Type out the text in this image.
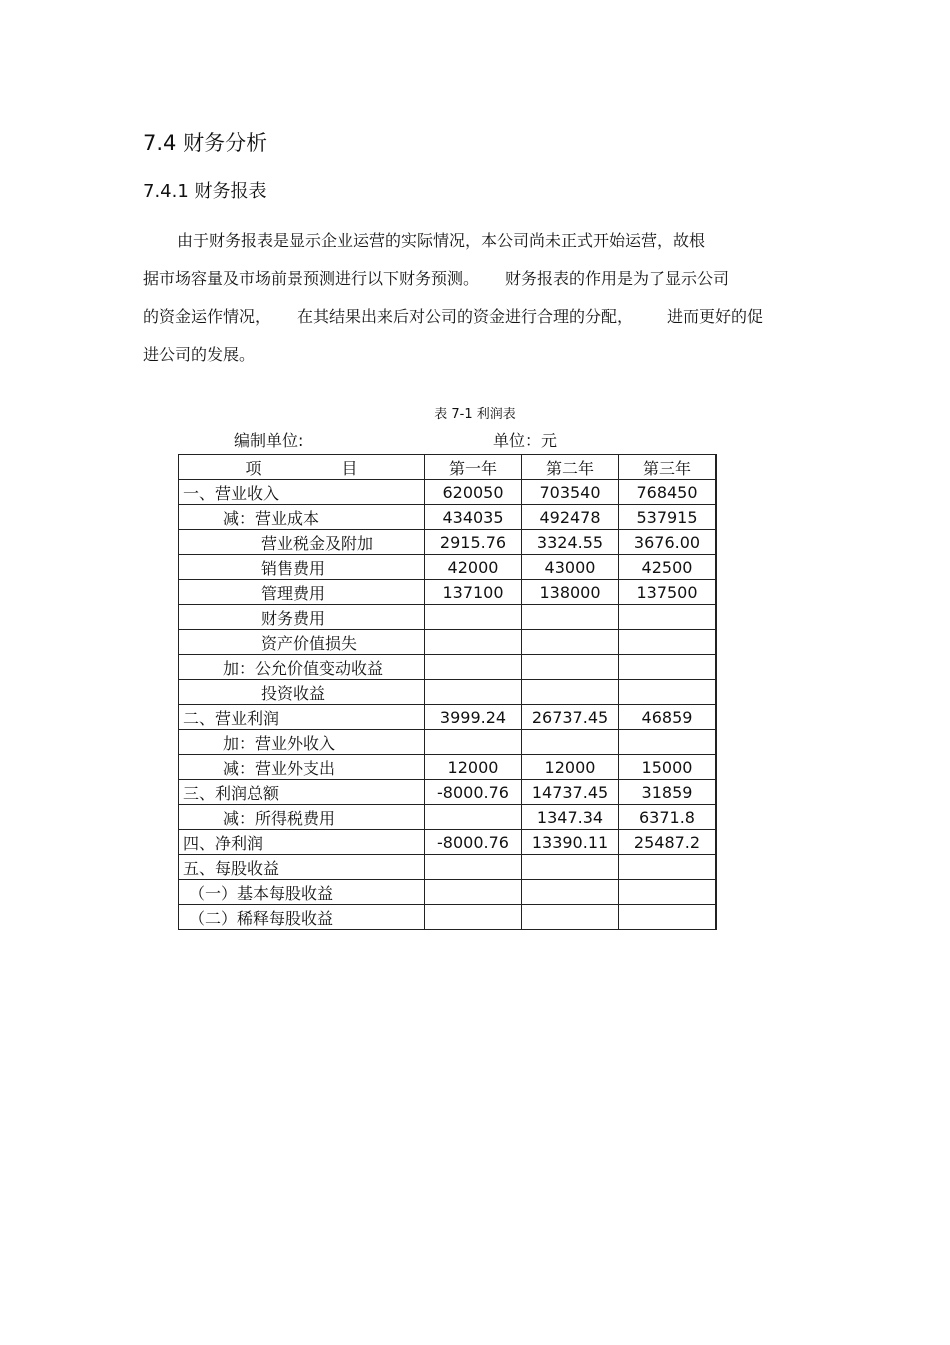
7.4 财务分析
7.4.1 财务报表
由于财务报表是显示企业运营的实际情况，本公司尚未正式开始运营，故根
据市场容量及市场前景预测进行以下财务预测。 财务报表的作用是为了显示公司
的资金运作情况， 在其结果出来后对公司的资金进行合理的分配， 进而更好的促
进公司的发展。
表 7-1 利润表
编制单位:	单位：元
项 目	第一年	第二年	第三年
一、营业收入	620050	703540	768450
减：营业成本	434035	492478	537915
营业税金及附加	2915.76	3324.55	3676.00
销售费用	42000	43000	42500
管理费用	137100	138000	137500
财务费用			
资产价值损失			
加：公允价值变动收益			
投资收益			
二、营业利润	3999.24	26737.45	46859
加：营业外收入			
减：营业外支出	12000	12000	15000
三、利润总额	-8000.76	14737.45	31859
减：所得税费用		1347.34	6371.8
四、净利润	-8000.76	13390.11	25487.2
五、每股收益			
（一）基本每股收益			
（二）稀释每股收益			
